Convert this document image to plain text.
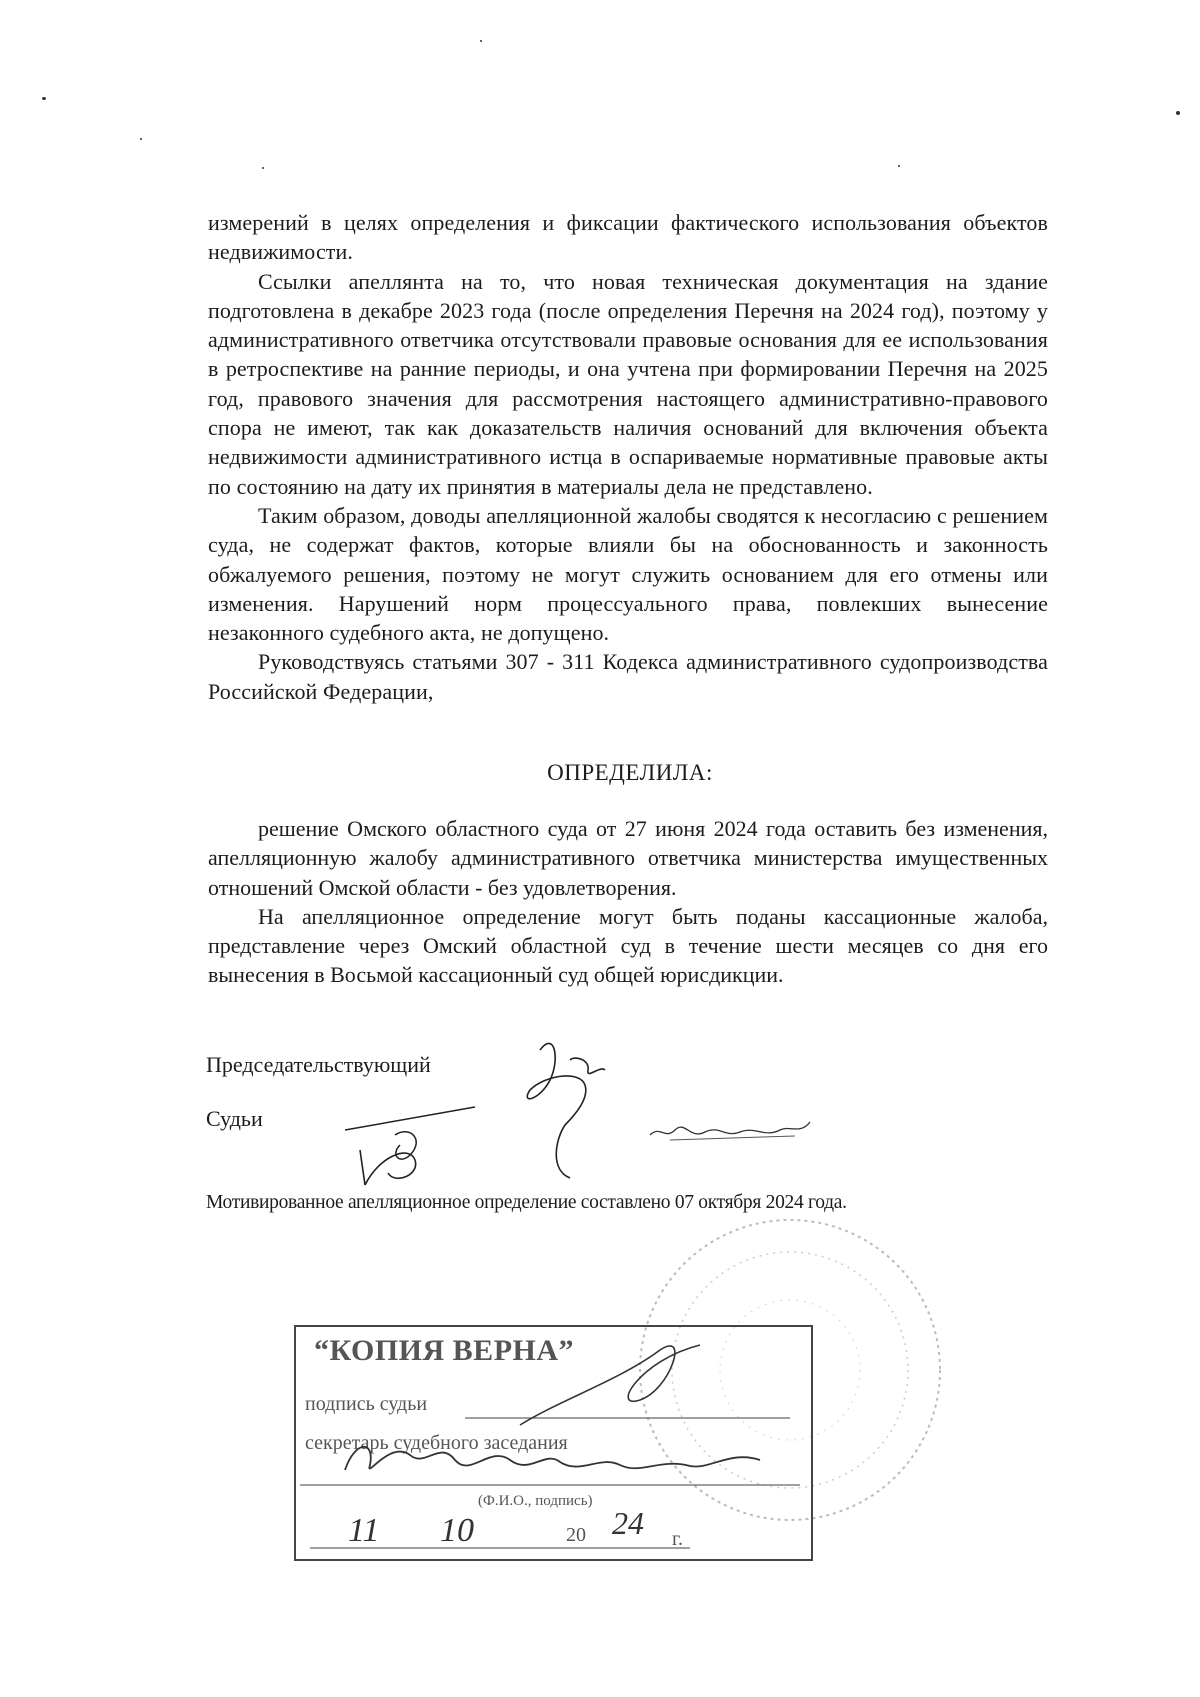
измерений в целях определения и фиксации фактического использования объектов недвижимости.

Ссылки апеллянта на то, что новая техническая документация на здание подготовлена в декабре 2023 года (после определения Перечня на 2024 год), поэтому у административного ответчика отсутствовали правовые основания для ее использования в ретроспективе на ранние периоды, и она учтена при формировании Перечня на 2025 год, правового значения для рассмотрения настоящего административно-правового спора не имеют, так как доказательств наличия оснований для включения объекта недвижимости административного истца в оспариваемые нормативные правовые акты по состоянию на дату их принятия в материалы дела не представлено.

Таким образом, доводы апелляционной жалобы сводятся к несогласию с решением суда, не содержат фактов, которые влияли бы на обоснованность и законность обжалуемого решения, поэтому не могут служить основанием для его отмены или изменения. Нарушений норм процессуального права, повлекших вынесение незаконного судебного акта, не допущено.

Руководствуясь статьями 307 - 311 Кодекса административного судопроизводства Российской Федерации,

ОПРЕДЕЛИЛА:

решение Омского областного суда от 27 июня 2024 года оставить без изменения, апелляционную жалобу административного ответчика министерства имущественных отношений Омской области - без удовлетворения.

На апелляционное определение могут быть поданы кассационные жалоба, представление через Омский областной суд в течение шести месяцев со дня его вынесения в Восьмой кассационный суд общей юрисдикции.

Председательствующий
Судьи
Мотивированное апелляционное определение составлено 07 октября 2024 года.
“КОПИЯ ВЕРНА”
подпись судьи
секретарь судебного заседания
(Ф.И.О., подпись)
20	г.
11 10	24
